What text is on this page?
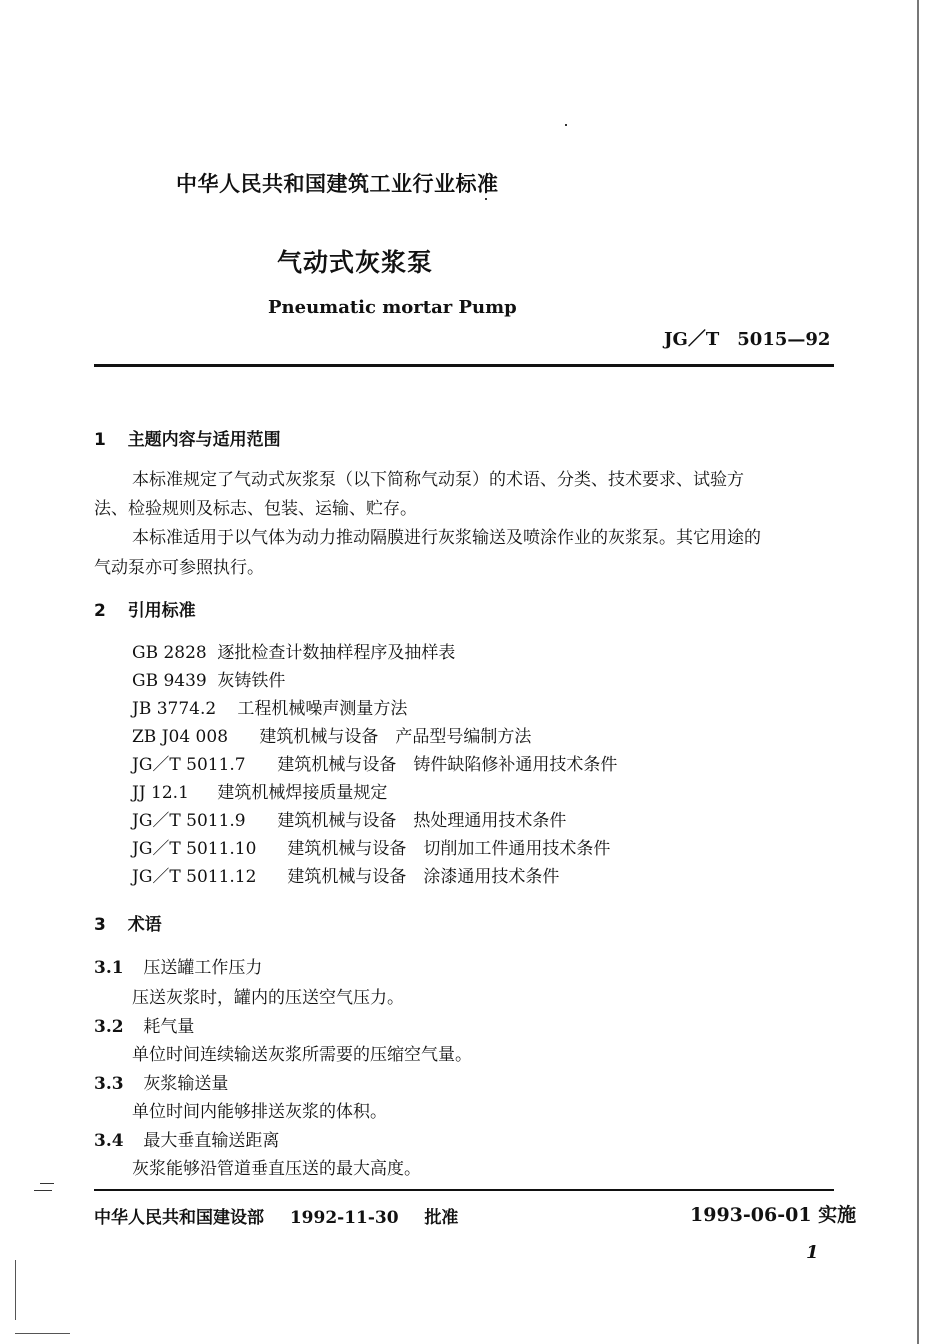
中华人民共和国建筑工业行业标准
气动式灰浆泵
Pneumatic mortar Pump
JG／T　5015—92
1 主题内容与适用范围
本标准规定了气动式灰浆泵（以下简称气动泵）的术语、分类、技术要求、试验方
法、检验规则及标志、包装、运输、贮存。
本标准适用于以气体为动力推动隔膜进行灰浆输送及喷涂作业的灰浆泵。其它用途的
气动泵亦可参照执行。
2 引用标准
GB 2828 逐批检查计数抽样程序及抽样表
GB 9439 灰铸铁件
JB 3774.2 工程机械噪声测量方法
ZB J04 008 建筑机械与设备　产品型号编制方法
JG／T 5011.7 建筑机械与设备　铸件缺陷修补通用技术条件
JJ 12.1 建筑机械焊接质量规定
JG／T 5011.9 建筑机械与设备　热处理通用技术条件
JG／T 5011.10 建筑机械与设备　切削加工件通用技术条件
JG／T 5011.12 建筑机械与设备　涂漆通用技术条件
3 术语
3.1 压送罐工作压力
压送灰浆时，罐内的压送空气压力。
3.2 耗气量
单位时间连续输送灰浆所需要的压缩空气量。
3.3 灰浆输送量
单位时间内能够排送灰浆的体积。
3.4 最大垂直输送距离
灰浆能够沿管道垂直压送的最大高度。
中华人民共和国建设部 1992-11-30 批准	1993-06-01 实施
1
